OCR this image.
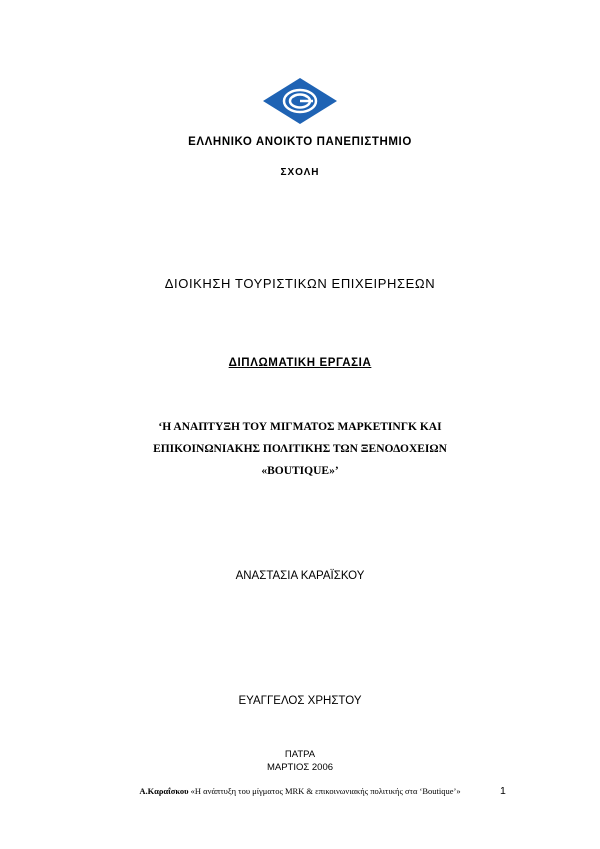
ΕΛΛΗΝΙΚΟ ΑΝΟΙΚΤΟ ΠΑΝΕΠΙΣΤΗΜΙΟ
ΣΧΟΛΗ
ΔΙΟΙΚΗΣΗ ΤΟΥΡΙΣΤΙΚΩΝ ΕΠΙΧΕΙΡΗΣΕΩΝ
ΔΙΠΛΩΜΑΤΙΚΗ ΕΡΓΑΣΙΑ
‘Η ΑΝΑΠΤΥΞΗ ΤΟΥ ΜΙΓΜΑΤΟΣ ΜΑΡΚΕΤΙΝΓΚ ΚΑΙ
ΕΠΙΚΟΙΝΩΝΙΑΚΗΣ ΠΟΛΙΤΙΚΗΣ ΤΩΝ ΞΕΝΟΔΟΧΕΙΩΝ
«BOUTIQUE»’
ΑΝΑΣΤΑΣΙΑ ΚΑΡΑΪΣΚΟΥ
ΕΥΑΓΓΕΛΟΣ ΧΡΗΣΤΟΥ
ΠΑΤΡΑ
ΜΑΡΤΙΟΣ 2006
Α.Καραΐσκου «Η ανάπτυξη του μίγματος MRK & επικοινωνιακής πολιτικής στα ‘Boutique’»	1
